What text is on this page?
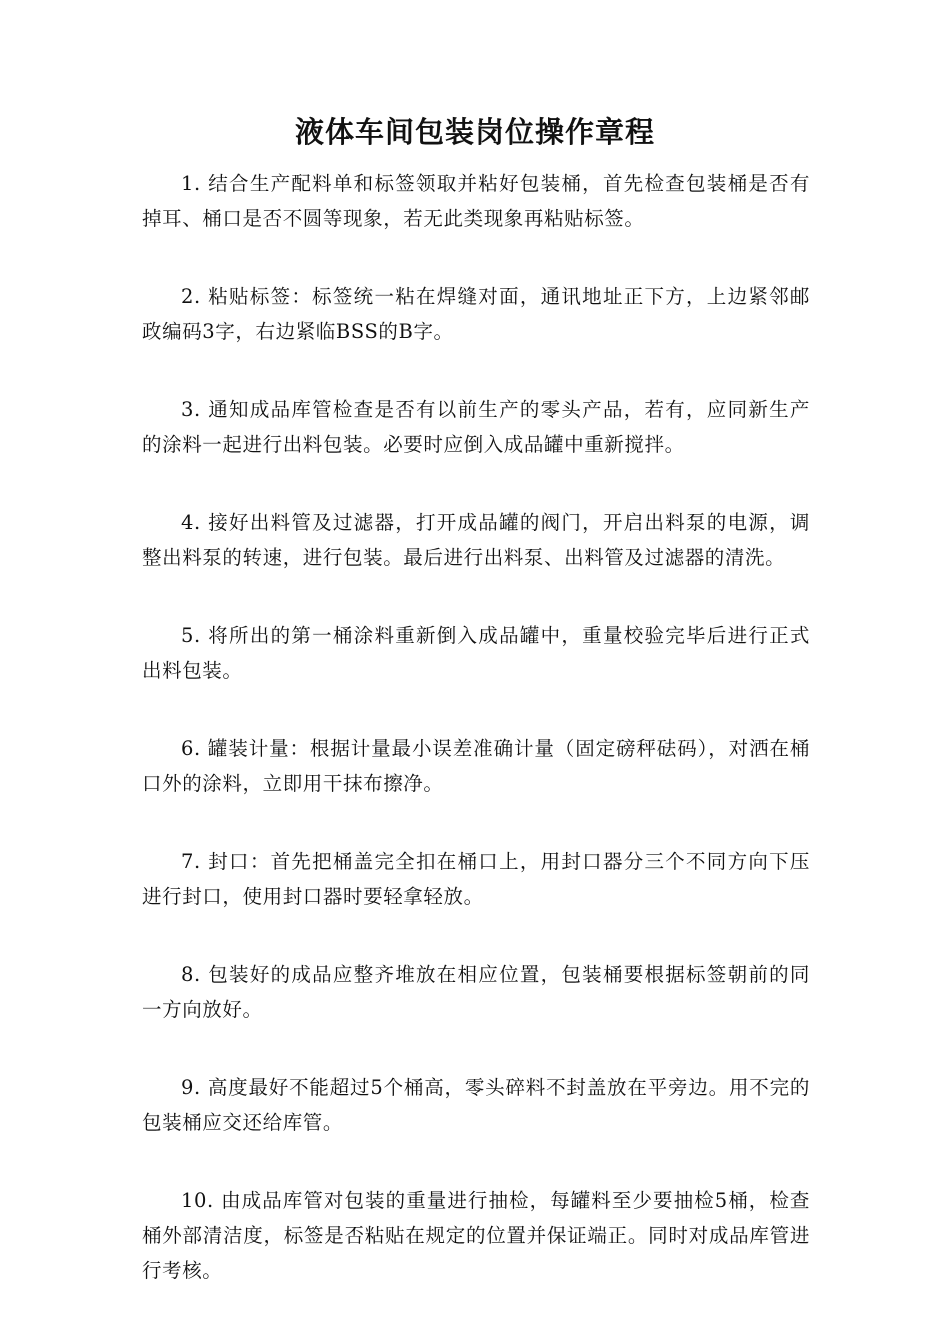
液体车间包装岗位操作章程

1. 结合生产配料单和标签领取并粘好包装桶，首先检查包装桶是否有掉耳、桶口是否不圆等现象，若无此类现象再粘贴标签。

2. 粘贴标签：标签统一粘在焊缝对面，通讯地址正下方，上边紧邻邮政编码3字，右边紧临BSS的B字。

3. 通知成品库管检查是否有以前生产的零头产品，若有，应同新生产的涂料一起进行出料包装。必要时应倒入成品罐中重新搅拌。

4. 接好出料管及过滤器，打开成品罐的阀门，开启出料泵的电源，调整出料泵的转速，进行包装。最后进行出料泵、出料管及过滤器的清洗。

5. 将所出的第一桶涂料重新倒入成品罐中，重量校验完毕后进行正式出料包装。

6. 罐装计量：根据计量最小误差准确计量（固定磅秤砝码），对洒在桶口外的涂料，立即用干抹布擦净。

7. 封口：首先把桶盖完全扣在桶口上，用封口器分三个不同方向下压进行封口，使用封口器时要轻拿轻放。

8. 包装好的成品应整齐堆放在相应位置，包装桶要根据标签朝前的同一方向放好。

9. 高度最好不能超过5个桶高，零头碎料不封盖放在平旁边。用不完的包装桶应交还给库管。

10. 由成品库管对包装的重量进行抽检，每罐料至少要抽检5桶，检查桶外部清洁度，标签是否粘贴在规定的位置并保证端正。同时对成品库管进行考核。
